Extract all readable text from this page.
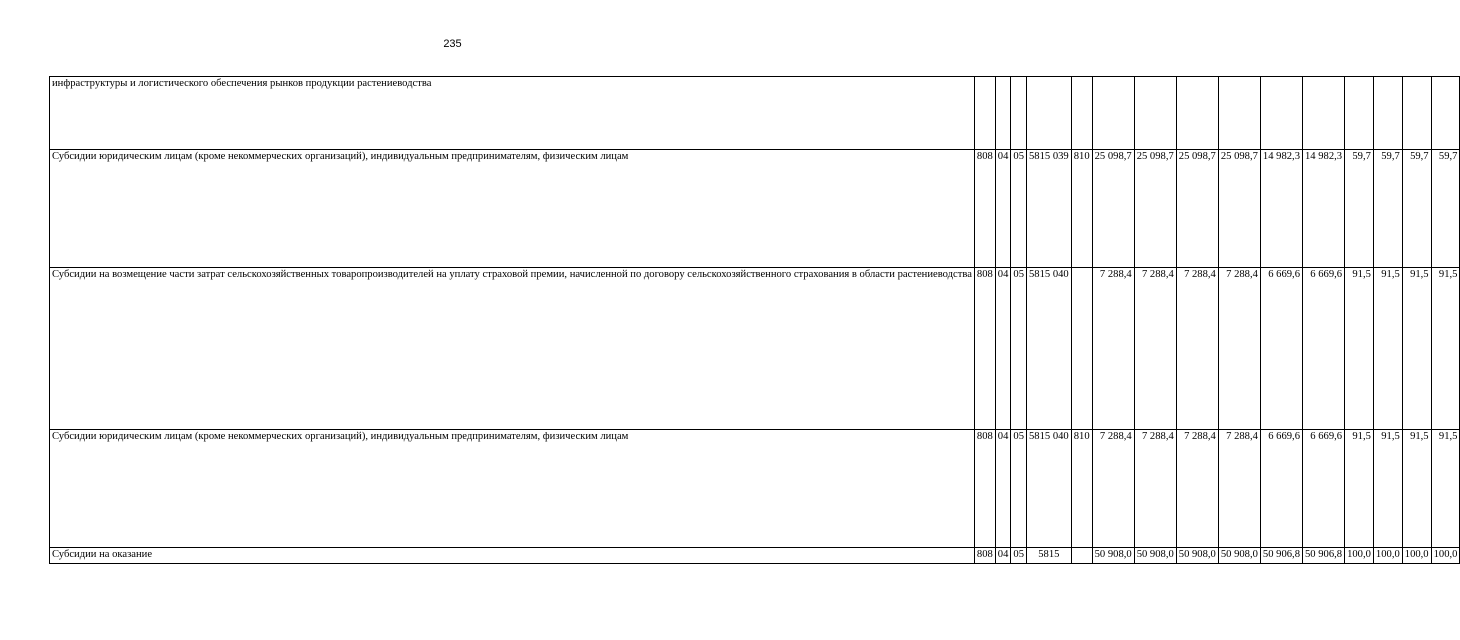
235
инфраструктуры и логистического обеспечения рынков продукции растениеводства															
Субсидии юридическим лицам (кроме некоммерческих организаций), индивидуальным предпринимателям, физическим лицам	808	04	05	5815 039	810	25 098,7	25 098,7	25 098,7	25 098,7	14 982,3	14 982,3	59,7	59,7	59,7	59,7
Субсидии на возмещение части затрат сельскохозяйственных товаропроизводителей на уплату страховой премии, начисленной по договору сельскохозяйственного страхования в области растениеводства	808	04	05	5815 040		7 288,4	7 288,4	7 288,4	7 288,4	6 669,6	6 669,6	91,5	91,5	91,5	91,5
Субсидии юридическим лицам (кроме некоммерческих организаций), индивидуальным предпринимателям, физическим лицам	808	04	05	5815 040	810	7 288,4	7 288,4	7 288,4	7 288,4	6 669,6	6 669,6	91,5	91,5	91,5	91,5
Субсидии на оказание	808	04	05	5815		50 908,0	50 908,0	50 908,0	50 908,0	50 906,8	50 906,8	100,0	100,0	100,0	100,0
